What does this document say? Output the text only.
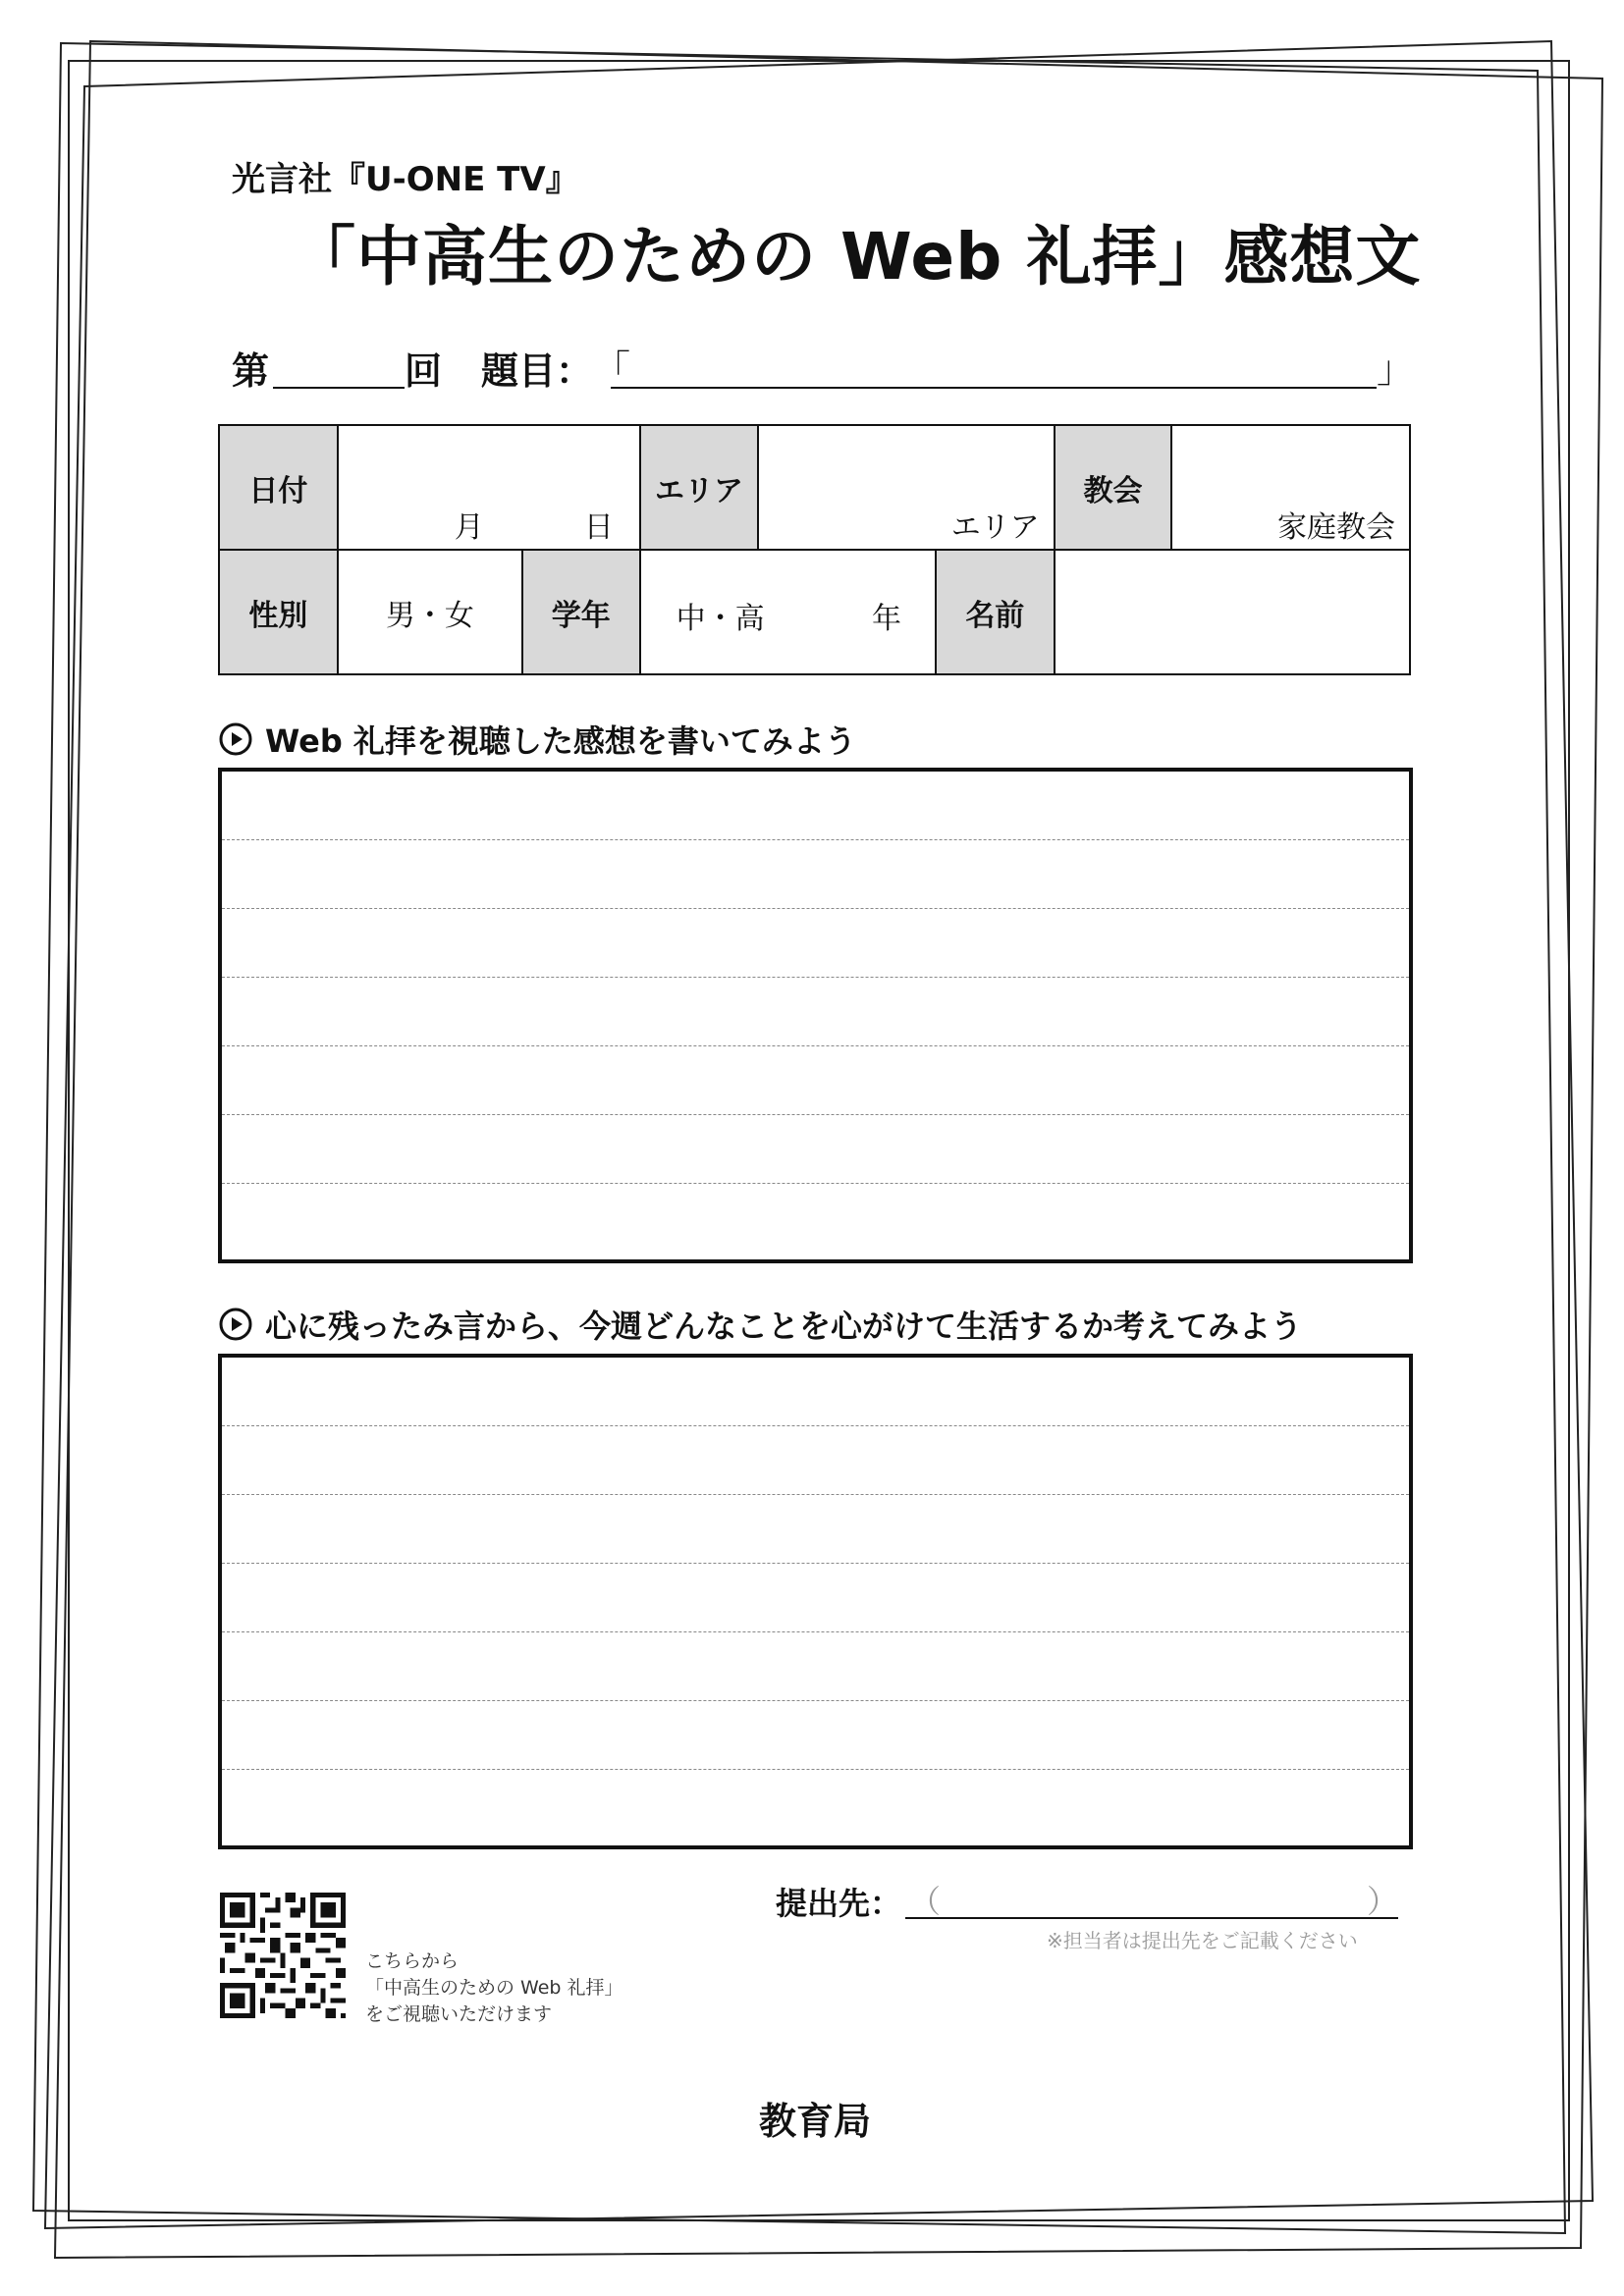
光言社『U-ONE TV』
「中高生のための Web 礼拝」感想文
第	回 題目： 「	」
日付	月 日		エリア	エリア		教会	家庭教会

性別	男・女	学年	中・高 年		名前		
Web 礼拝を視聴した感想を書いてみよう
心に残ったみ言から、今週どんなことを心がけて生活するか考えてみよう
こちらから
「中高生のための Web 礼拝」
をご視聴いただけます
提出先： （	）
※担当者は提出先をご記載ください
教育局
